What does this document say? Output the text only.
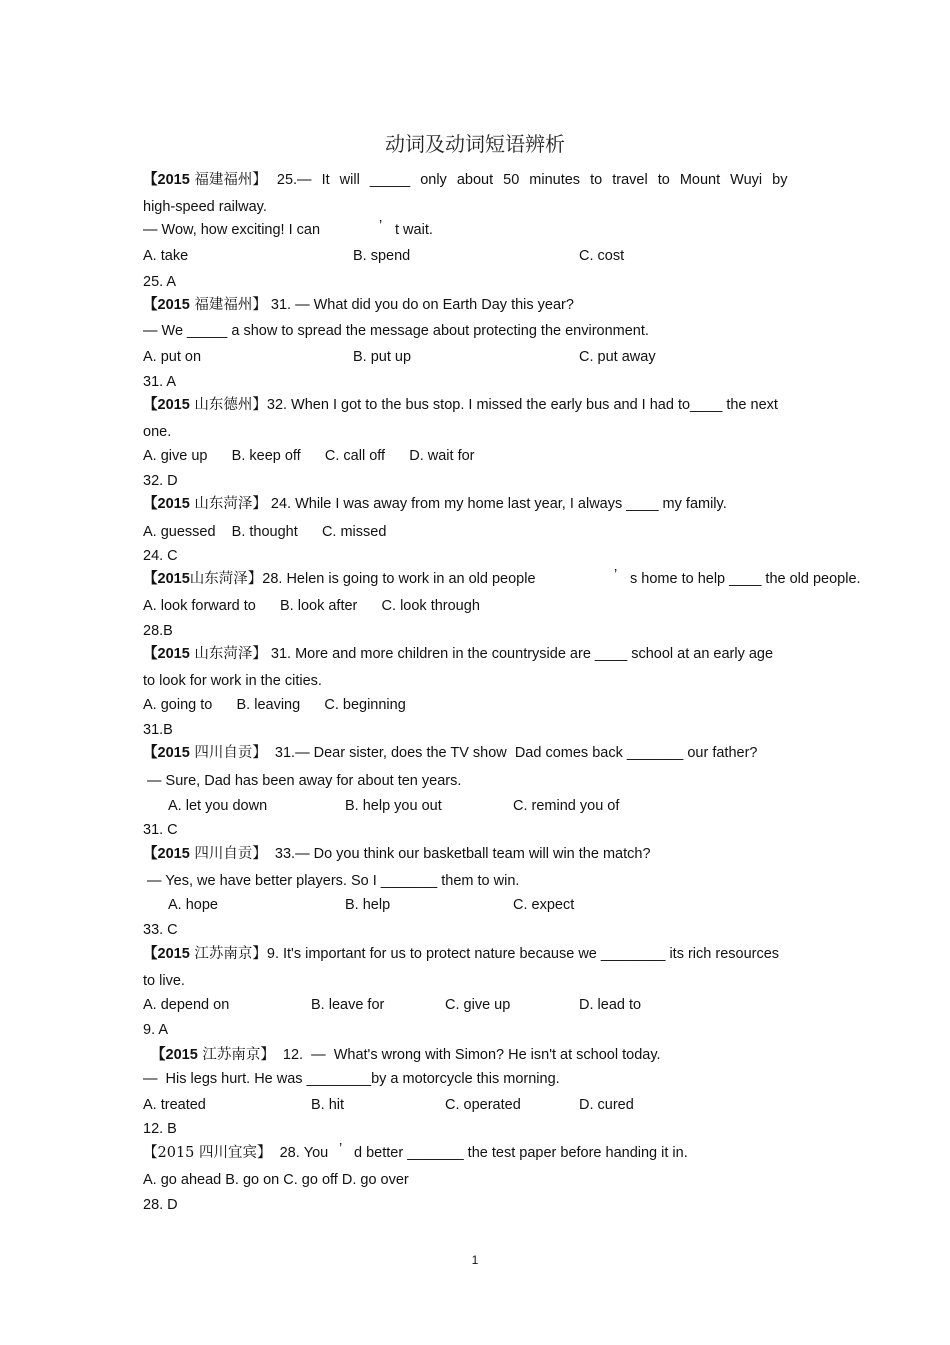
动词及动词短语辨析
【2015 福建福州】 25.— It will _____ only about 50 minutes to travel to Mount Wuyi by
high-speed railway.
— Wow, how exciting! I can	’ t wait.
A. take	B. spend	C. cost
25. A
【2015 福建福州】 31. — What did you do on Earth Day this year?
— We _____ a show to spread the message about protecting the environment.
A. put on	B. put up	C. put away
31. A
【2015 山东德州】32. When I got to the bus stop. I missed the early bus and I had to____ the next
one.
A. give up      B. keep off      C. call off      D. wait for
32. D
【2015 山东菏泽】 24. While I was away from my home last year, I always ____ my family.
A. guessed    B. thought      C. missed
24. C
【2015山东菏泽】28. Helen is going to work in an old people	’ s home to help ____ the old people.
A. look forward to      B. look after      C. look through
28.B
【2015 山东菏泽】 31. More and more children in the countryside are ____ school at an early age
to look for work in the cities.
A. going to      B. leaving      C. beginning
31.B
【2015 四川自贡】  31.— Dear sister, does the TV show  Dad comes back _______ our father?
— Sure, Dad has been away for about ten years.
A. let you down	B. help you out	C. remind you of
31. C
【2015 四川自贡】  33.— Do you think our basketball team will win the match?
— Yes, we have better players. So I _______ them to win.
A. hope	B. help	C. expect
33. C
【2015 江苏南京】9. It's important for us to protect nature because we ________ its rich resources
to live.
A. depend on	B. leave for	C. give up	D. lead to
9. A
【2015 江苏南京】  12.  —  What's wrong with Simon? He isn't at school today.
—  His legs hurt. He was ________by a motorcycle this morning.
A. treated	B. hit	C. operated	D. cured
12. B
【2015 四川宜宾】  28. You ’ d better _______ the test paper before handing it in.
A. go ahead B. go on C. go off D. go over
28. D
1
